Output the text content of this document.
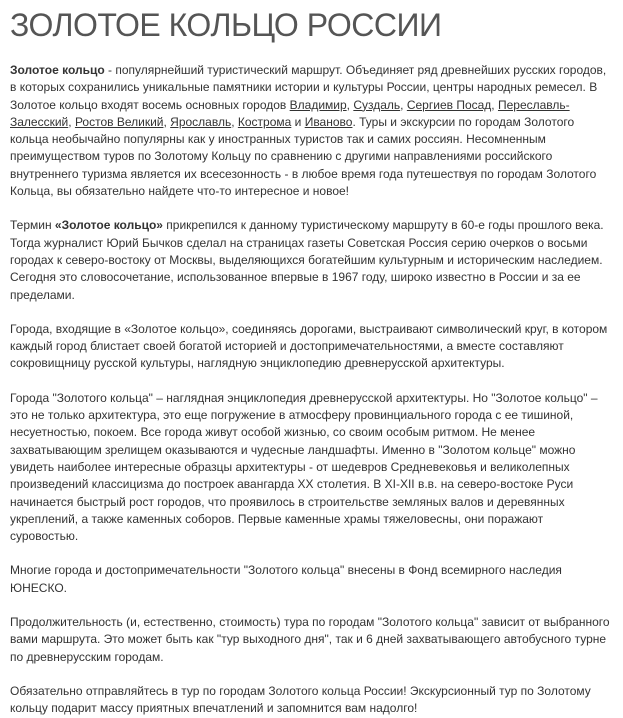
ЗОЛОТОЕ КОЛЬЦО РОССИИ

Золотое кольцо - популярнейший туристический маршрут. Объединяет ряд древнейших русских городов, в которых сохранились уникальные памятники истории и культуры России, центры народных ремесел. В Золотое кольцо входят восемь основных городов Владимир, Суздаль, Сергиев Посад, Переславль-Залесский, Ростов Великий, Ярославль, Кострома и Иваново. Туры и экскурсии по городам Золотого кольца необычайно популярны как у иностранных туристов так и самих россиян. Несомненным преимуществом туров по Золотому Кольцу по сравнению с другими направлениями российского внутреннего туризма является их всесезонность - в любое время года путешествуя по городам Золотого Кольца, вы обязательно найдете что-то интересное и новое!

Термин «Золотое кольцо» прикрепился к данному туристическому маршруту в 60-е годы прошлого века. Тогда журналист Юрий Бычков сделал на страницах газеты Советская Россия серию очерков о восьми городах к северо-востоку от Москвы, выделяющихся богатейшим культурным и историческим наследием. Сегодня это словосочетание, использованное впервые в 1967 году, широко известно в России и за ее пределами.

Города, входящие в «Золотое кольцо», соединяясь дорогами, выстраивают символический круг, в котором каждый город блистает своей богатой историей и достопримечательностями, а вместе составляют сокровищницу русской культуры, наглядную энциклопедию древнерусской архитектуры.

Города "Золотого кольца" – наглядная энциклопедия древнерусской архитектуры. Но "Золотое кольцо" – это не только архитектура, это еще погружение в атмосферу провинциального города с ее тишиной, несуетностью, покоем. Все города живут особой жизнью, со своим особым ритмом. Не менее захватывающим зрелищем оказываются и чудесные ландшафты. Именно в "Золотом кольце" можно увидеть наиболее интересные образцы архитектуры - от шедевров Средневековья и великолепных произведений классицизма до построек авангарда XX столетия. В XI-XII в.в. на северо-востоке Руси начинается быстрый рост городов, что проявилось в строительстве земляных валов и деревянных укреплений, а также каменных соборов. Первые каменные храмы тяжеловесны, они поражают суровостью.

Многие города и достопримечательности "Золотого кольца" внесены в Фонд всемирного наследия ЮНЕСКО.

Продолжительность (и, естественно, стоимость) тура по городам "Золотого кольца" зависит от выбранного вами маршрута. Это может быть как "тур выходного дня", так и 6 дней захватывающего автобусного турне по древнерусским городам.

Обязательно отправляйтесь в тур по городам Золотого кольца России! Экскурсионный тур по Золотому кольцу подарит массу приятных впечатлений и запомнится вам надолго!
